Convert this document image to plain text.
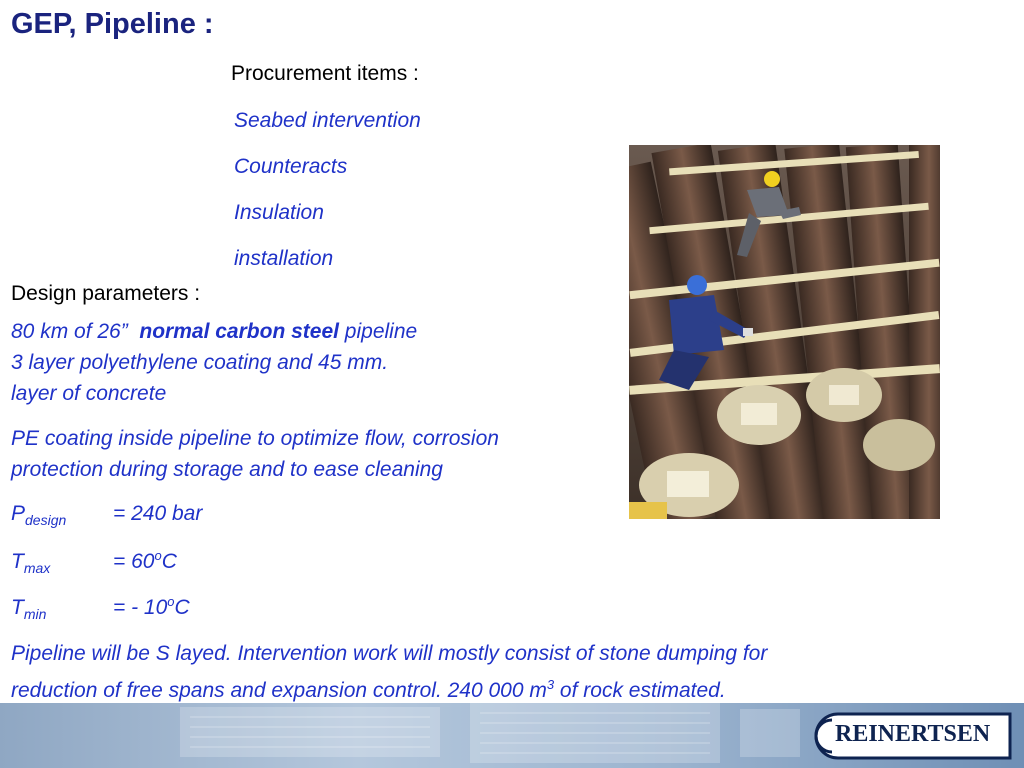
GEP, Pipeline :

Procurement items :

Seabed intervention

Counteracts

Insulation

installation

Design parameters :

80 km of 26” normal carbon steel pipeline
3 layer polyethylene coating and 45 mm.
layer of concrete
PE coating inside pipeline to optimize flow, corrosion
protection during storage and to ease cleaning
$P_{design} = 240$ bar
$T_{max}$	= $60^oC$
$T_{min}$	= - 10$^o$C
Pipeline will be S layed. Intervention work will mostly consist of stone dumping for
reduction of free spans and expansion control. 240 000 $m^3$ of rock estimated.
REINERTSEN
